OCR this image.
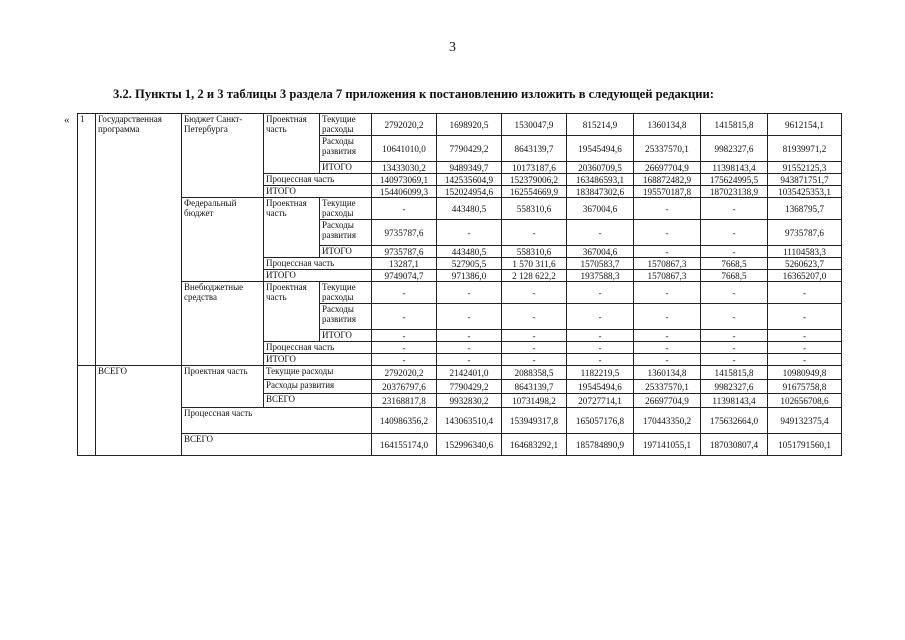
3
3.2. Пункты 1, 2 и 3 таблицы 3 раздела 7 приложения к постановлению изложить в следующей редакции:
« 1	Государственная программа	Бюджет Санкт-Петербурга	Проектная часть	Текущие расходы	2792020,2	1698920,5	1530047,9	815214,9	1360134,8	1415815,8	9612154,1
				Расходы развития	10641010,0	7790429,2	8643139,7	19545494,6	25337570,1	9982327,6	81939971,2
				ИТОГО	13433030,2	9489349,7	10173187,6	20360709,5	26697704,9	11398143,4	91552125,3
			Процессная часть		140973069,1	142535604,9	152379006,2	163486593,1	168872482,9	175624995,5	943871751,7
			ИТОГО		154406099,3	152024954,6	162554669,9	183847302,6	195570187,8	187023138,9	1035425353,1
		Федеральный бюджет	Проектная часть	Текущие расходы	-	443480,5	558310,6	367004,6	-	-	1368795,7
				Расходы развития	9735787,6	-	-	-	-	-	9735787,6
				ИТОГО	9735787,6	443480,5	558310,6	367004,6	-	-	11104583,3
			Процессная часть		13287,1	527905,5	1 570 311,6	1570583,7	1570867,3	7668,5	5260623,7
			ИТОГО		9749074,7	971386,0	2 128 622,2	1937588,3	1570867,3	7668,5	16365207,0
		Внебюджетные средства	Проектная часть	Текущие расходы	-	-	-	-	-	-	-
				Расходы развития	-	-	-	-	-	-	-
				ИТОГО	-	-	-	-	-	-	-
			Процессная часть		-	-	-	-	-	-	-
			ИТОГО		-	-	-	-	-	-	-
	ВСЕГО	Проектная часть	Текущие расходы		2792020,2	2142401,0	2088358,5	1182219,5	1360134,8	1415815,8	10980949,8
			Расходы развития		20376797,6	7790429,2	8643139,7	19545494,6	25337570,1	9982327,6	91675758,8
			ВСЕГО		23168817,8	9932830,2	10731498,2	20727714,1	26697704,9	11398143,4	102656708,6
		Процессная часть			140986356,2	143063510,4	153949317,8	165057176,8	170443350,2	175632664,0	949132375,4
		ВСЕГО			164155174,0	152996340,6	164683292,1	185784890,9	197141055,1	187030807,4	1051791560,1
